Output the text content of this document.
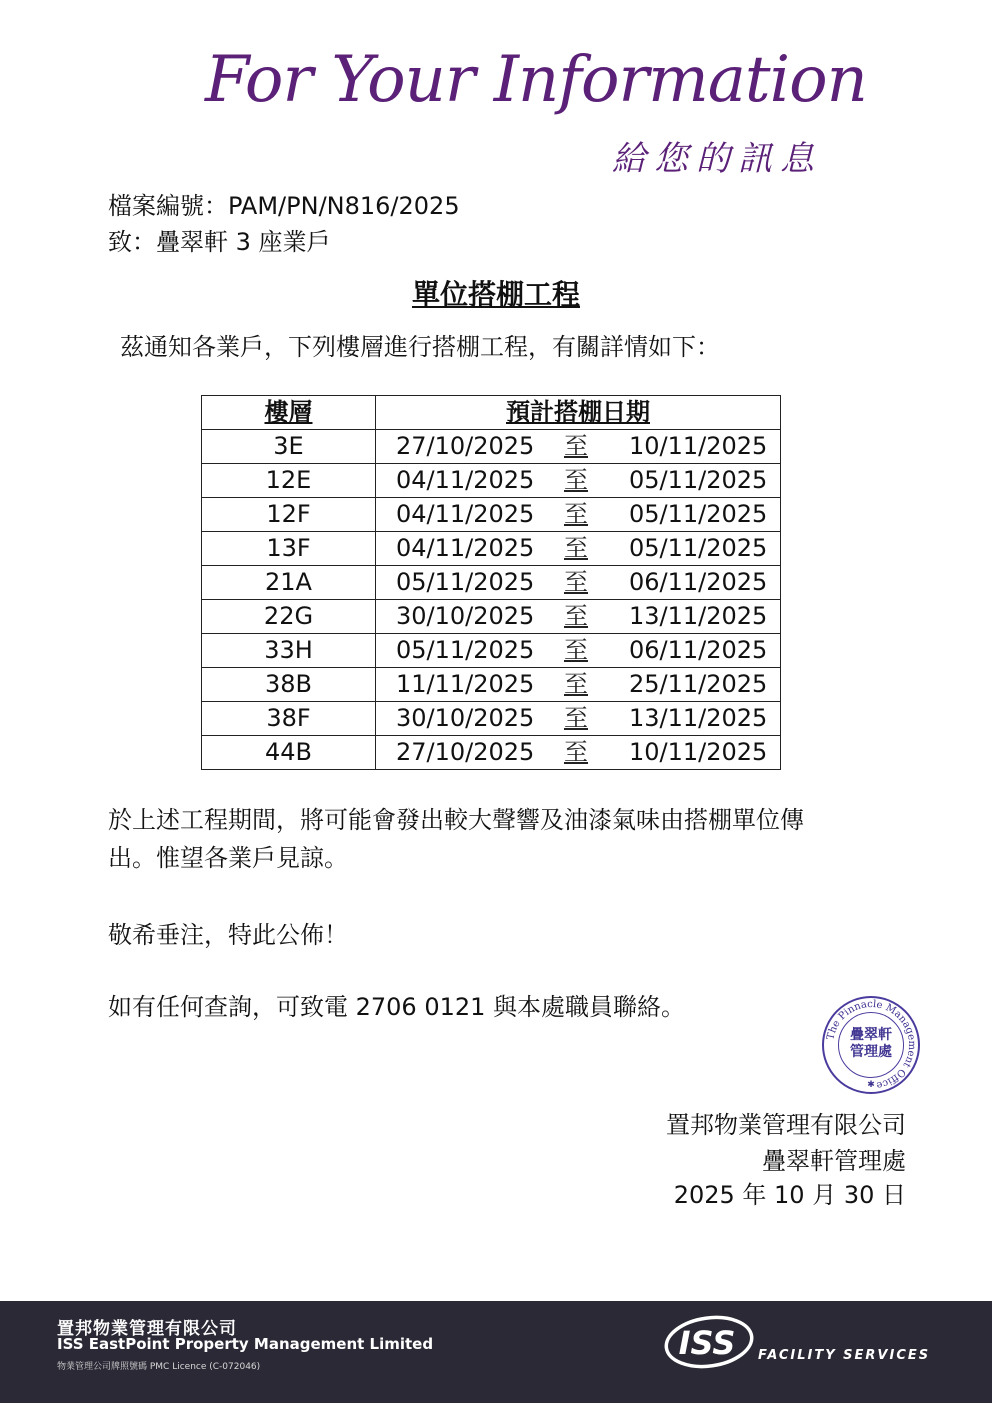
For Your Information
給您的訊息
檔案編號：PAM/PN/N816/2025
致：疊翠軒 3 座業戶
單位搭棚工程
茲通知各業戶，下列樓層進行搭棚工程，有關詳情如下：
樓層	預計搭棚日期
3E	27/10/2025 至 10/11/2025

12E	04/11/2025 至 05/11/2025

12F	04/11/2025 至 05/11/2025

13F	04/11/2025 至 05/11/2025

21A	05/11/2025 至 06/11/2025

22G	30/10/2025 至 13/11/2025

33H	05/11/2025 至 06/11/2025

38B	11/11/2025 至 25/11/2025

38F	30/10/2025 至 13/11/2025

44B	27/10/2025 至 10/11/2025
於上述工程期間，將可能會發出較大聲響及油漆氣味由搭棚單位傳
出。惟望各業戶見諒。
敬希垂注，特此公佈！
如有任何查詢，可致電 2706 0121 與本處職員聯絡。
The Pinnacle Management Office
✱
疊翠軒
管理處
置邦物業管理有限公司
疊翠軒管理處
2025 年 10 月 30 日
置邦物業管理有限公司
ISS EastPoint Property Management Limited
物業管理公司牌照號碼 PMC Licence (C-072046)
ISS FACILITY SERVICES
